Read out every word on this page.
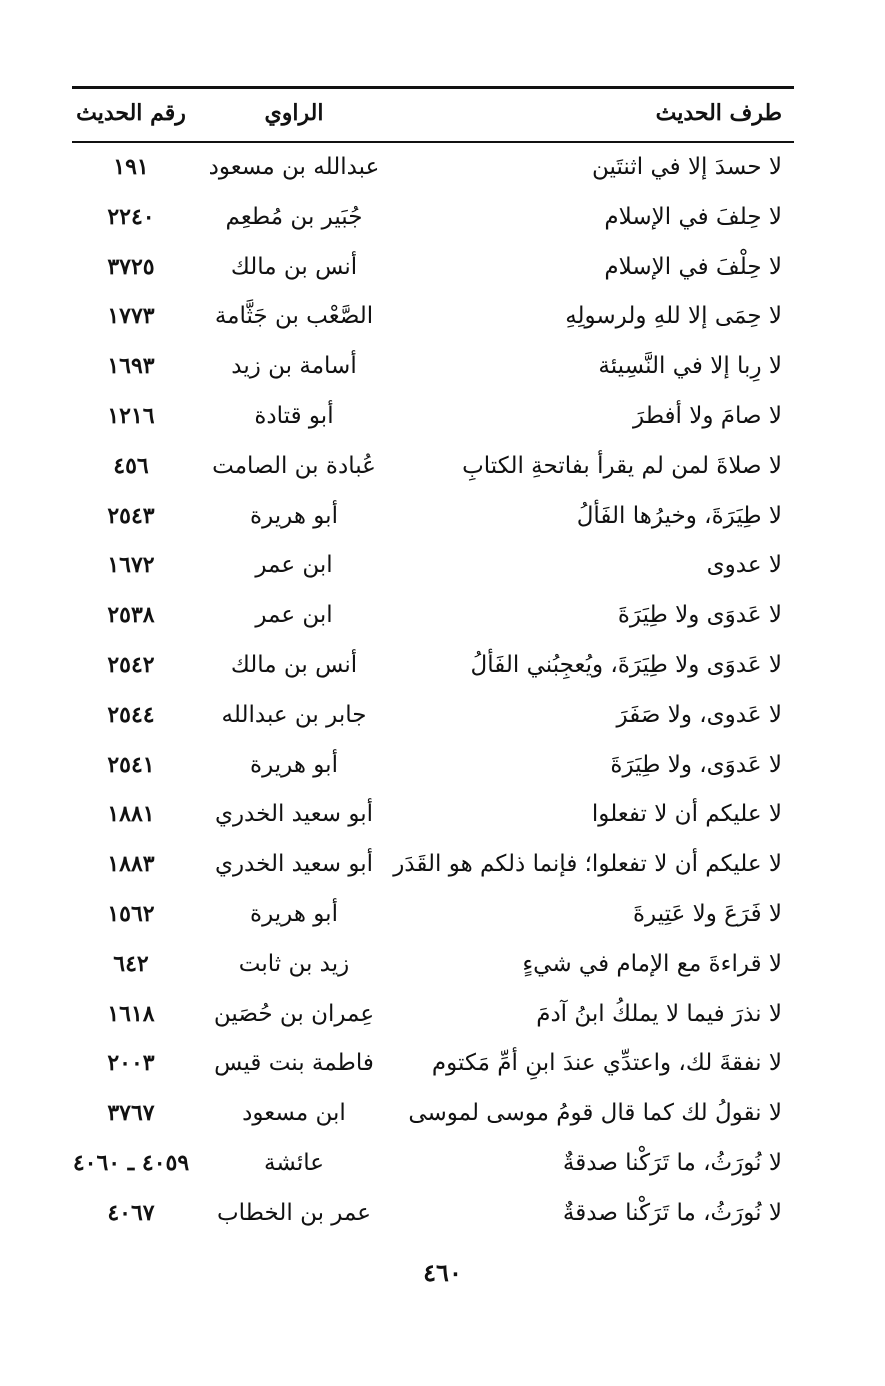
طرف الحديث
الراوي
رقم الحديث
لا حسدَ إلا في اثنتَين
عبدالله بن مسعود
١٩١
لا حِلفَ في الإسلام
جُبَير بن مُطعِم
٢٢٤٠
لا حِلْفَ في الإسلام
أنس بن مالك
٣٧٢٥
لا حِمَى إلا للهِ ولرسولِهِ
الصَّعْب بن جَثَّامة
١٧٧٣
لا رِبا إلا في النَّسِيئة
أسامة بن زيد
١٦٩٣
لا صامَ ولا أفطرَ
أبو قتادة
١٢١٦
لا صلاةَ لمن لم يقرأ بفاتحةِ الكتابِ
عُبادة بن الصامت
٤٥٦
لا طِيَرَةَ، وخيرُها الفَألُ
أبو هريرة
٢٥٤٣
لا عدوى
ابن عمر
١٦٧٢
لا عَدوَى ولا طِيَرَةَ
ابن عمر
٢٥٣٨
لا عَدوَى ولا طِيَرَةَ، ويُعجِبُني الفَألُ
أنس بن مالك
٢٥٤٢
لا عَدوى، ولا صَفَرَ
جابر بن عبدالله
٢٥٤٤
لا عَدوَى، ولا طِيَرَةَ
أبو هريرة
٢٥٤١
لا عليكم أن لا تفعلوا
أبو سعيد الخدري
١٨٨١
لا عليكم أن لا تفعلوا؛ فإنما ذلكم هو القَدَر
أبو سعيد الخدري
١٨٨٣
لا فَرَعَ ولا عَتِيرةَ
أبو هريرة
١٥٦٢
لا قراءةَ مع الإمام في شيءٍ
زيد بن ثابت
٦٤٢
لا نذرَ فيما لا يملكُ ابنُ آدمَ
عِمران بن حُصَين
١٦١٨
لا نفقةَ لك، واعتدِّي عندَ ابنِ أمِّ مَكتوم
فاطمة بنت قيس
٢٠٠٣
لا نقولُ لك كما قال قومُ موسى لموسى
ابن مسعود
٣٧٦٧
لا نُورَثُ، ما تَرَكْنا صدقةٌ
عائشة
٤٠٥٩ ـ ٤٠٦٠
لا نُورَثُ، ما تَرَكْنا صدقةٌ
عمر بن الخطاب
٤٠٦٧
٤٦٠
